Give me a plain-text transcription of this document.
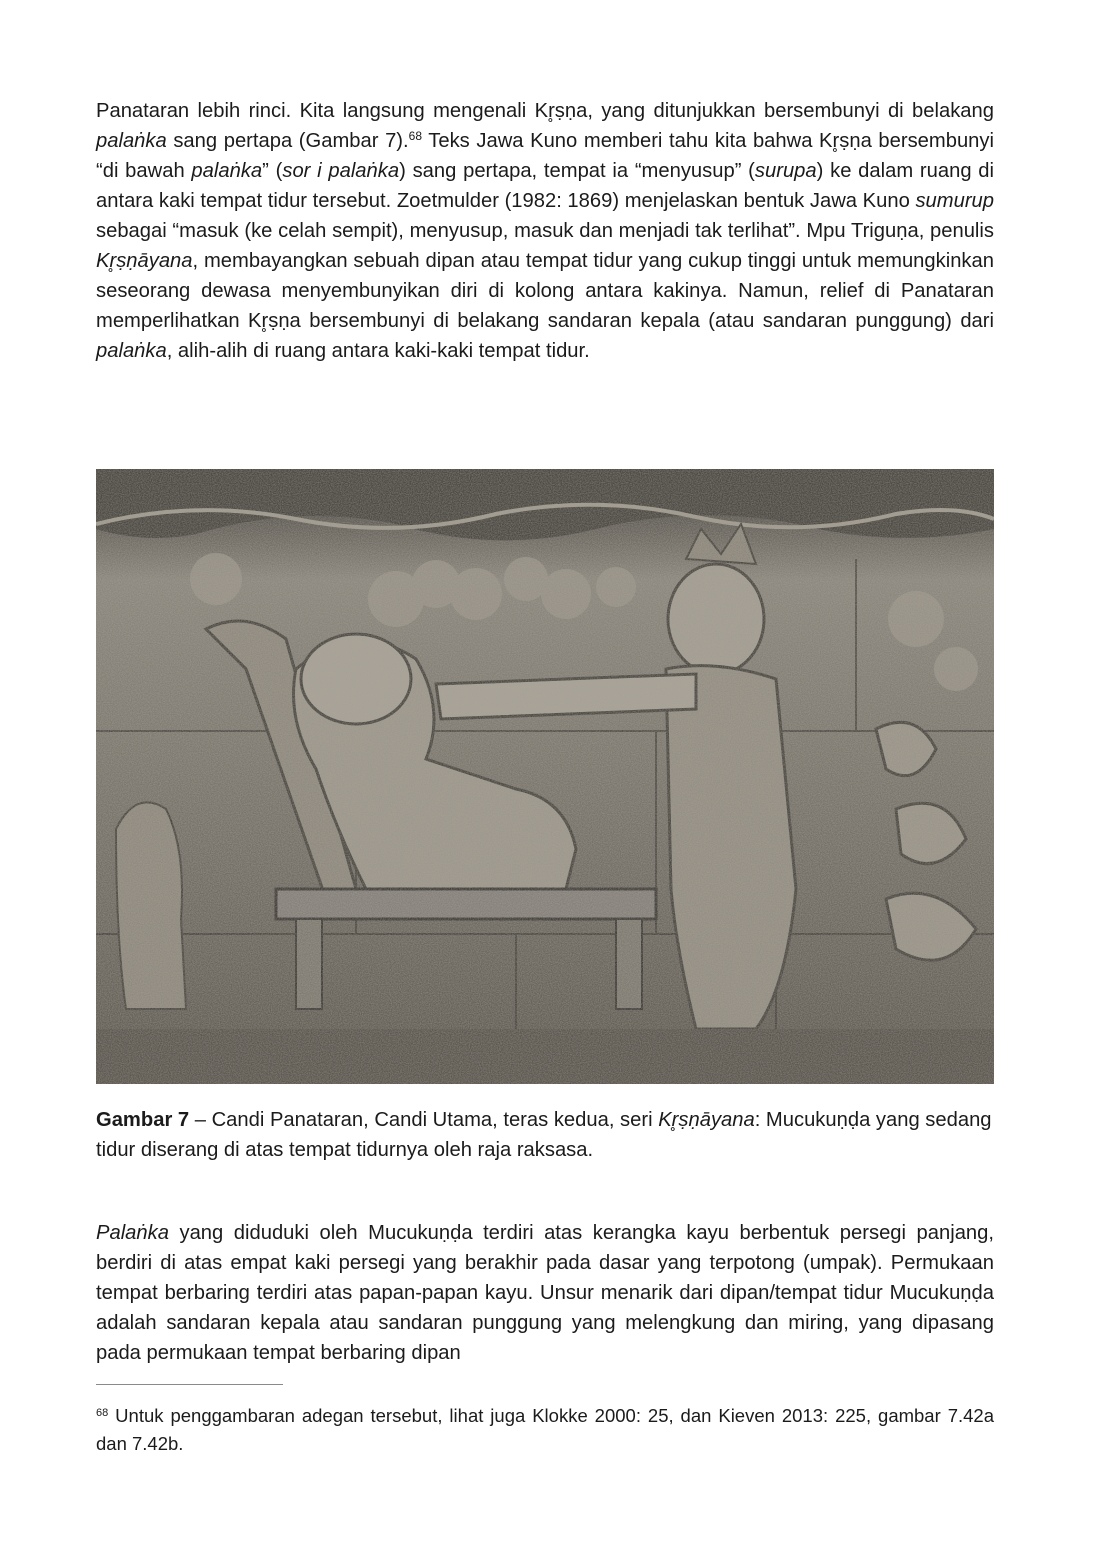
Panataran lebih rinci. Kita langsung mengenali Kr̥ṣṇa, yang ditunjukkan bersembunyi di belakang palaṅka sang pertapa (Gambar 7).$^{68}$ Teks Jawa Kuno memberi tahu kita bahwa Kr̥ṣṇa bersembunyi “di bawah palaṅka” (sor i palaṅka) sang pertapa, tempat ia “menyusup” (surupa) ke dalam ruang di antara kaki tempat tidur tersebut. Zoetmulder (1982: 1869) menjelaskan bentuk Jawa Kuno sumurup sebagai “masuk (ke celah sempit), menyusup, masuk dan menjadi tak terlihat”. Mpu Triguṇa, penulis Kr̥ṣṇāyana, membayangkan sebuah dipan atau tempat tidur yang cukup tinggi untuk memungkinkan seseorang dewasa menyembunyikan diri di kolong antara kakinya. Namun, relief di Panataran memperlihatkan Kr̥ṣṇa bersembunyi di belakang sandaran kepala (atau sandaran punggung) dari palaṅka, alih-alih di ruang antara kaki-kaki tempat tidur.

Gambar 7 – Candi Panataran, Candi Utama, teras kedua, seri Kr̥ṣṇāyana: Mucukuṇḍa yang sedang tidur diserang di atas tempat tidurnya oleh raja raksasa.

Palaṅka yang diduduki oleh Mucukuṇḍa terdiri atas kerangka kayu berbentuk persegi panjang, berdiri di atas empat kaki persegi yang berakhir pada dasar yang terpotong (umpak). Permukaan tempat berbaring terdiri atas papan-papan kayu. Unsur menarik dari dipan/tempat tidur Mucukuṇḍa adalah sandaran kepala atau sandaran punggung yang melengkung dan miring, yang dipasang pada permukaan tempat berbaring dipan

$^{68}$ Untuk penggambaran adegan tersebut, lihat juga Klokke 2000: 25, dan Kieven 2013: 225, gambar 7.42a dan 7.42b.
